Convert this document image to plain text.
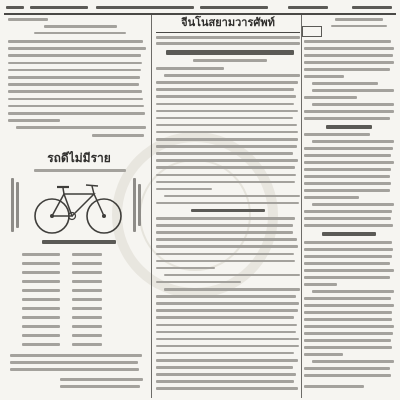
จีนโนสยามวารศัพท์
รถดีไม่มีราย
